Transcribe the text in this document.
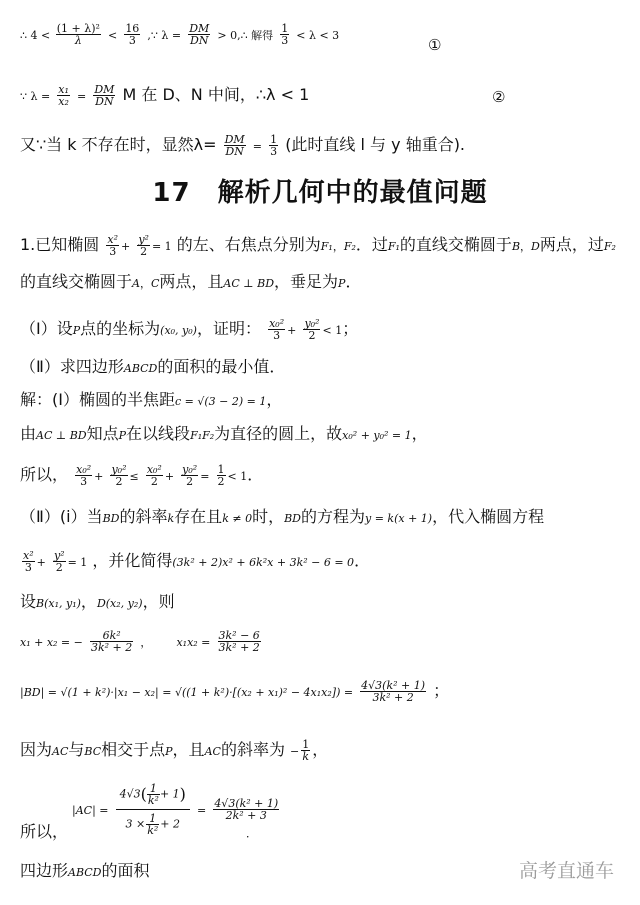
∴ $4 < \frac{\text{(1 + λ)²}}{\lambda} < \frac{16}{3}$ ,∵ $\lambda = \frac{DM}{DN}$ > 0,∴ 解得 $\frac{1}{3} < \lambda < 3$
①
∵ $\lambda = \frac{\text{x₁}}{\text{x₂}} = \frac{DM}{DN}$ M 在 D、N 中间，∴λ < 1	②
又∵当 k 不存在时，显然$\lambda= \frac{DM}{DN} = \frac{1}{3}$ (此时直线 l 与 y 轴重合).
17　解析几何中的最值问题
1.已知椭圆 $\frac{\text{x²}}{3} + \frac{\text{y²}}{2} = 1$ 的左、右焦点分别为F₁，F₂．过F₁的直线交椭圆于B，D两点，过F₂
的直线交椭圆于A，C两点，且AC ⊥ BD，垂足为P．
（Ⅰ）设P点的坐标为(x₀, y₀)，证明： $\frac{\text{x₀²}}{3} + \frac{\text{y₀²}}{2} < 1$；
（Ⅱ）求四边形ABCD的面积的最小值．
解：(Ⅰ）椭圆的半焦距c = √(3 − 2) = 1，
由AC ⊥ BD知点P在以线段F₁F₂为直径的圆上，故x₀² + y₀² = 1，
所以， $\frac{\text{x₀²}}{3} + \frac{\text{y₀²}}{2} \le \frac{\text{x₀²}}{2} + \frac{\text{y₀²}}{2} = \frac{1}{2} < 1$．
（Ⅱ）(ⅰ）当BD的斜率k存在且k ≠ 0时，BD的方程为y = k(x + 1)，代入椭圆方程
$\frac{\text{x²}}{3} + \frac{\text{y²}}{2} = 1$ ，并化简得(3k² + 2)x² + 6k²x + 3k² − 6 = 0．
设B(x₁, y₁)，D(x₂, y₂)，则
x₁ + x₂ = − $\frac{\text{6k²}}{\text{3k² + 2}}$ ， $x_1x_2 = \frac{\text{3k² − 6}}{\text{3k² + 2}}$
$|BD| = √(1 + k^2)\cdot|x_1 - x_2| = √((1 + k^2)\cdot[(x_2 + x_1)^2 - 4x_1x_2]) = \frac{\text{4√3(k² + 1)}}{\text{3k² + 2}}$ ；
因为AC与BC相交于点P，且AC的斜率为 − $\frac{1}{k}$ ，
$|AC| = \frac{4√3( \frac{1}{\text{k²}} + 1)}{3 \times \frac{1}{\text{k²}} + 2} = \frac{\text{4√3(k² + 1)}}{\text{2k² + 3}}$
所以，	．
四边形ABCD的面积	高考直通车
